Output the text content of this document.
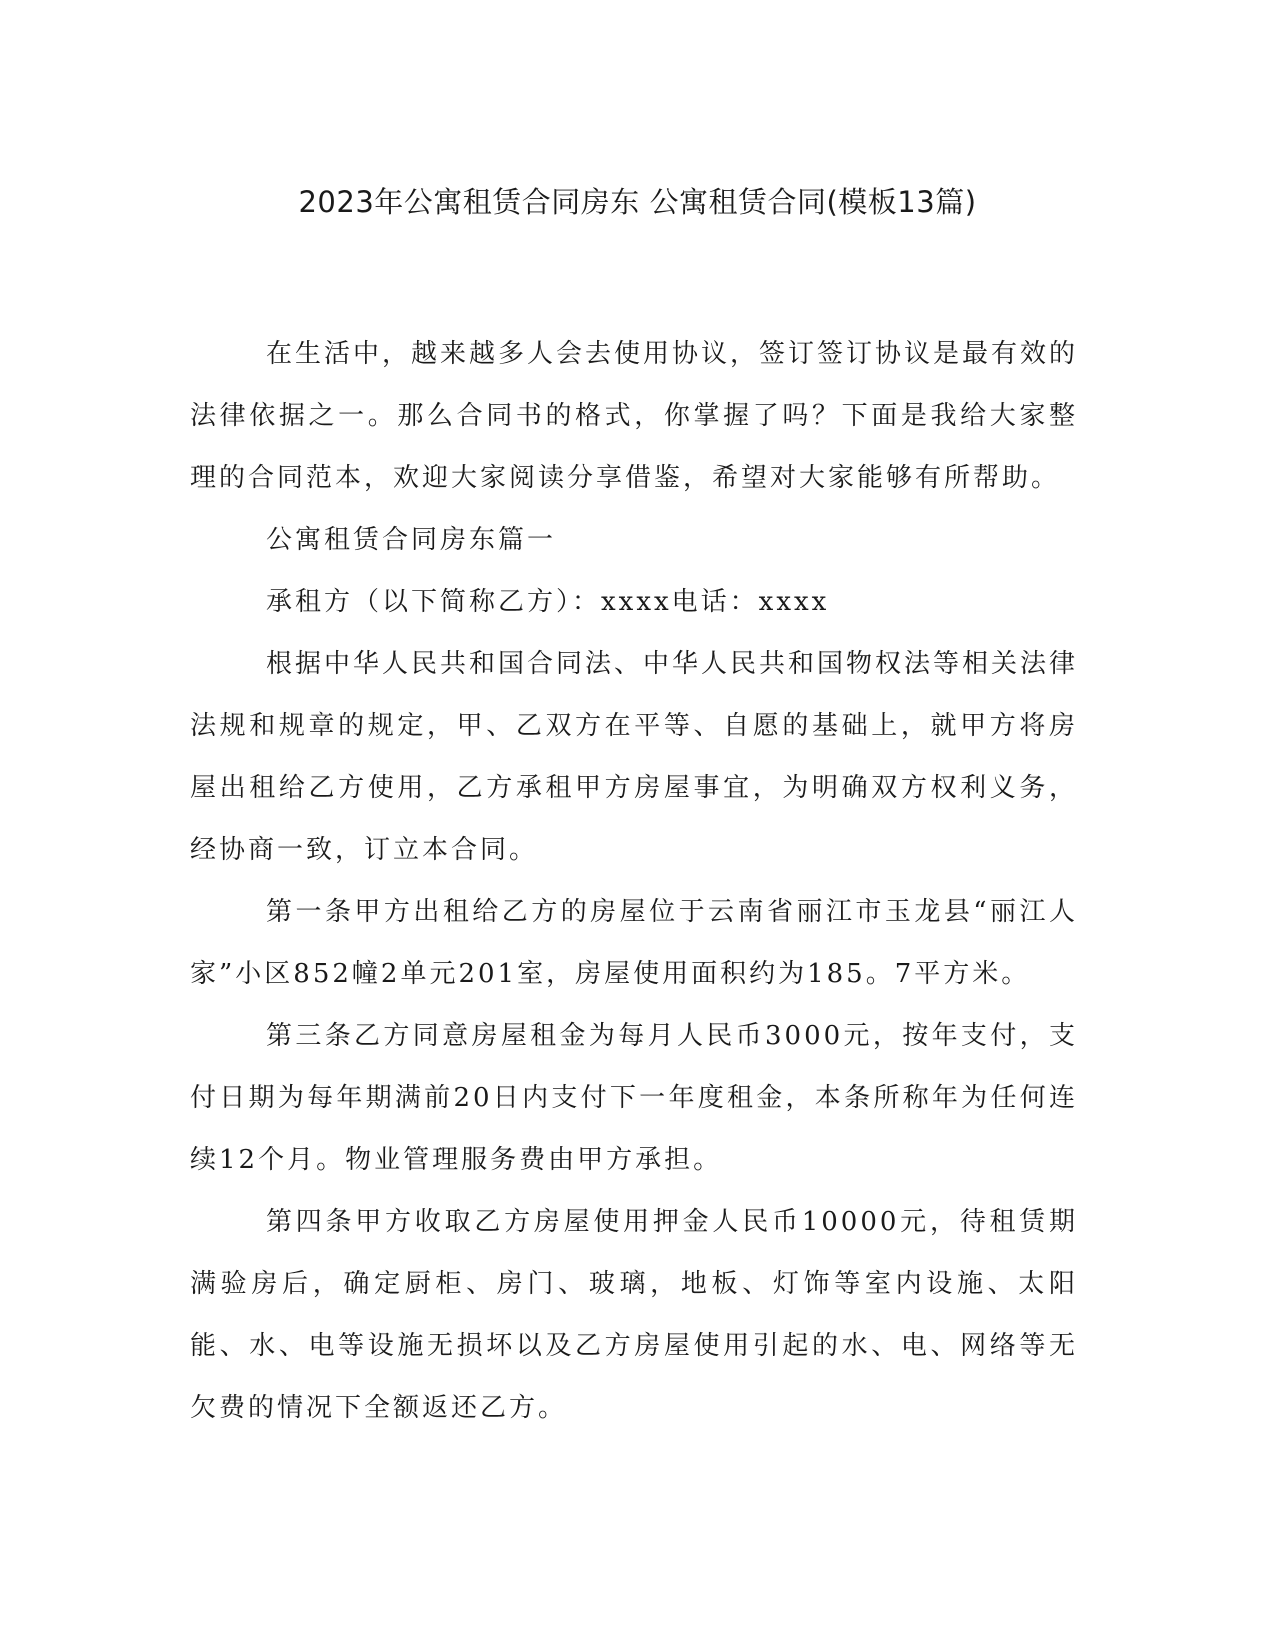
2023年公寓租赁合同房东 公寓租赁合同(模板13篇)

在生活中，越来越多人会去使用协议，签订签订协议是最有效的法律依据之一。那么合同书的格式，你掌握了吗？下面是我给大家整理的合同范本，欢迎大家阅读分享借鉴，希望对大家能够有所帮助。

公寓租赁合同房东篇一

承租方（以下简称乙方）：xxxx电话：xxxx

根据中华人民共和国合同法、中华人民共和国物权法等相关法律法规和规章的规定，甲、乙双方在平等、自愿的基础上，就甲方将房屋出租给乙方使用，乙方承租甲方房屋事宜，为明确双方权利义务，经协商一致，订立本合同。

第一条甲方出租给乙方的房屋位于云南省丽江市玉龙县“丽江人家”小区852幢2单元201室，房屋使用面积约为185。7平方米。

第三条乙方同意房屋租金为每月人民币3000元，按年支付，支付日期为每年期满前20日内支付下一年度租金，本条所称年为任何连续12个月。物业管理服务费由甲方承担。

第四条甲方收取乙方房屋使用押金人民币10000元，待租赁期满验房后，确定厨柜、房门、玻璃，地板、灯饰等室内设施、太阳能、水、电等设施无损坏以及乙方房屋使用引起的水、电、网络等无欠费的情况下全额返还乙方。
